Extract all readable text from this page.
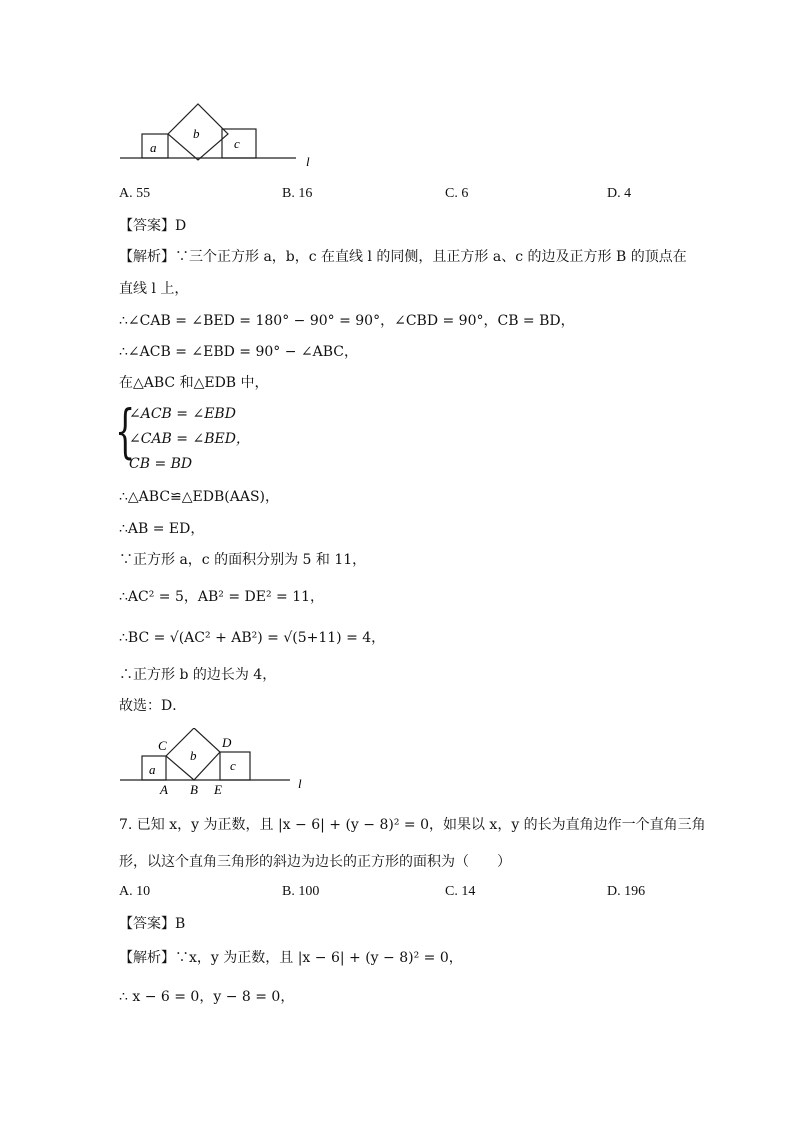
a
b
c
l
A. 55	B. 16	C. 6	D. 4
【答案】D
【解析】∵三个正方形 a，b，c 在直线 l 的同侧，且正方形 a、c 的边及正方形 B 的顶点在
直线 l 上，
∴∠CAB = ∠BED = 180° − 90° = 90°，∠CBD = 90°，CB = BD，
∴∠ACB = ∠EBD = 90° − ∠ABC，
在△ABC 和△EDB 中，
{
∠ACB = ∠EBD
∠CAB = ∠BED，
CB = BD
∴△ABC≌△EDB(AAS)，
∴AB = ED，
∵正方形 a，c 的面积分别为 5 和 11，
∴AC² = 5，AB² = DE² = 11，
∴BC = √(AC² + AB²) = √(5+11) = 4，
∴正方形 b 的边长为 4，
故选：D．
C	D
a
b
c
l
A B E
7. 已知 x，y 为正数，且 |x − 6| + (y − 8)² = 0，如果以 x，y 的长为直角边作一个直角三角
形，以这个直角三角形的斜边为边长的正方形的面积为（　　）
A. 10	B. 100	C. 14	D. 196
【答案】B
【解析】∵x，y 为正数，且 |x − 6| + (y − 8)² = 0，
∴ x − 6 = 0，y − 8 = 0，
